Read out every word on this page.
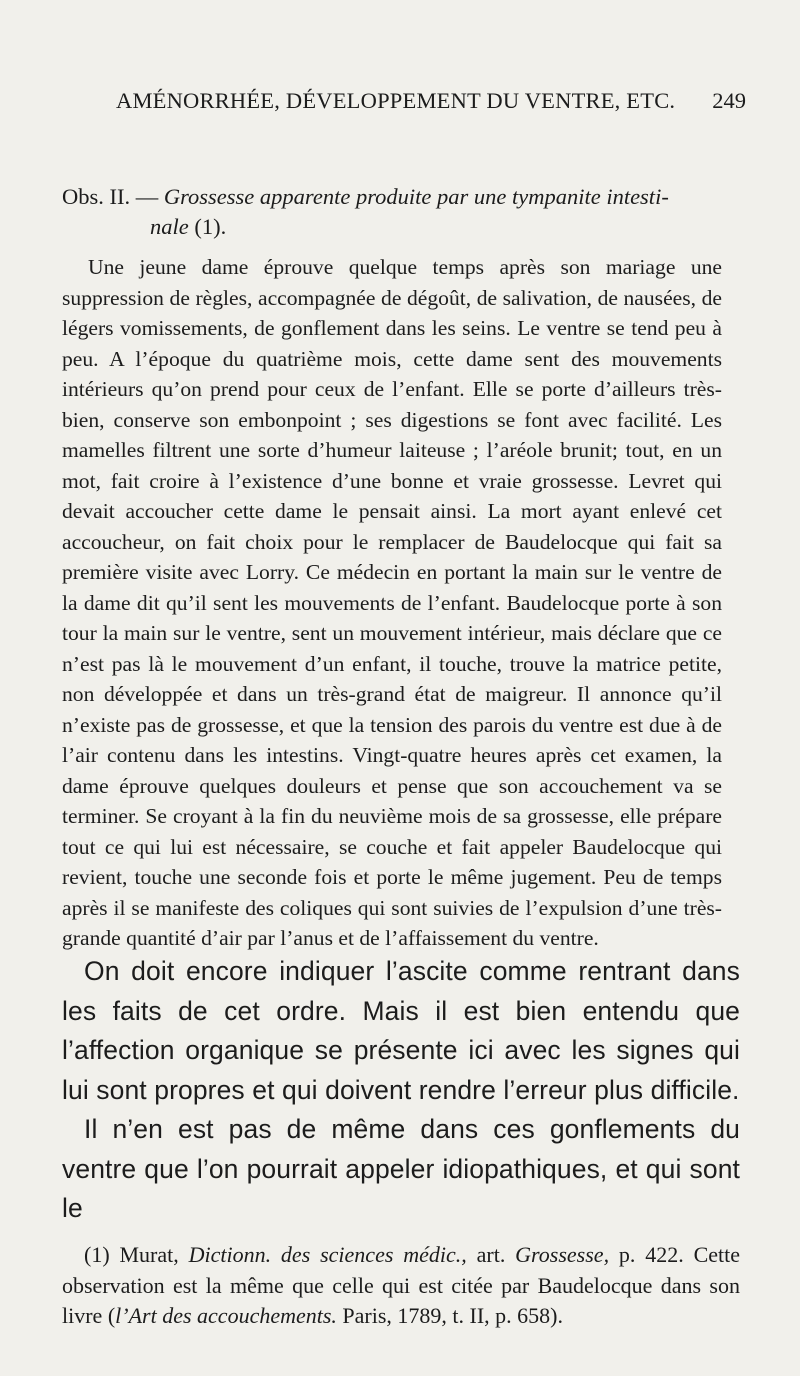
AMÉNORRHÉE, DÉVELOPPEMENT DU VENTRE, ETC. 249

Obs. II. — Grossesse apparente produite par une tympanite intesti-
nale (1).

Une jeune dame éprouve quelque temps après son mariage une suppression de règles, accompagnée de dégoût, de salivation, de nausées, de légers vomissements, de gonflement dans les seins. Le ventre se tend peu à peu. A l’époque du quatrième mois, cette dame sent des mouvements intérieurs qu’on prend pour ceux de l’enfant. Elle se porte d’ailleurs très-bien, conserve son embonpoint ; ses digestions se font avec facilité. Les mamelles filtrent une sorte d’humeur laiteuse ; l’aréole brunit; tout, en un mot, fait croire à l’existence d’une bonne et vraie grossesse. Levret qui devait accoucher cette dame le pensait ainsi. La mort ayant enlevé cet accoucheur, on fait choix pour le remplacer de Baudelocque qui fait sa première visite avec Lorry. Ce médecin en portant la main sur le ventre de la dame dit qu’il sent les mouvements de l’enfant. Baudelocque porte à son tour la main sur le ventre, sent un mouvement intérieur, mais déclare que ce n’est pas là le mouvement d’un enfant, il touche, trouve la matrice petite, non développée et dans un très-grand état de maigreur. Il annonce qu’il n’existe pas de grossesse, et que la tension des parois du ventre est due à de l’air contenu dans les intestins. Vingt-quatre heures après cet examen, la dame éprouve quelques douleurs et pense que son accouchement va se terminer. Se croyant à la fin du neuvième mois de sa grossesse, elle prépare tout ce qui lui est nécessaire, se couche et fait appeler Baudelocque qui revient, touche une seconde fois et porte le même jugement. Peu de temps après il se manifeste des coliques qui sont suivies de l’expulsion d’une très-grande quantité d’air par l’anus et de l’affaissement du ventre.

On doit encore indiquer l’ascite comme rentrant dans les faits de cet ordre. Mais il est bien entendu que l’affection organique se présente ici avec les signes qui lui sont propres et qui doivent rendre l’erreur plus difficile.

Il n’en est pas de même dans ces gonflements du ventre que l’on pourrait appeler idiopathiques, et qui sont le

(1) Murat, Dictionn. des sciences médic., art. Grossesse, p. 422. Cette observation est la même que celle qui est citée par Baudelocque dans son livre (l’Art des accouchements. Paris, 1789, t. II, p. 658).
